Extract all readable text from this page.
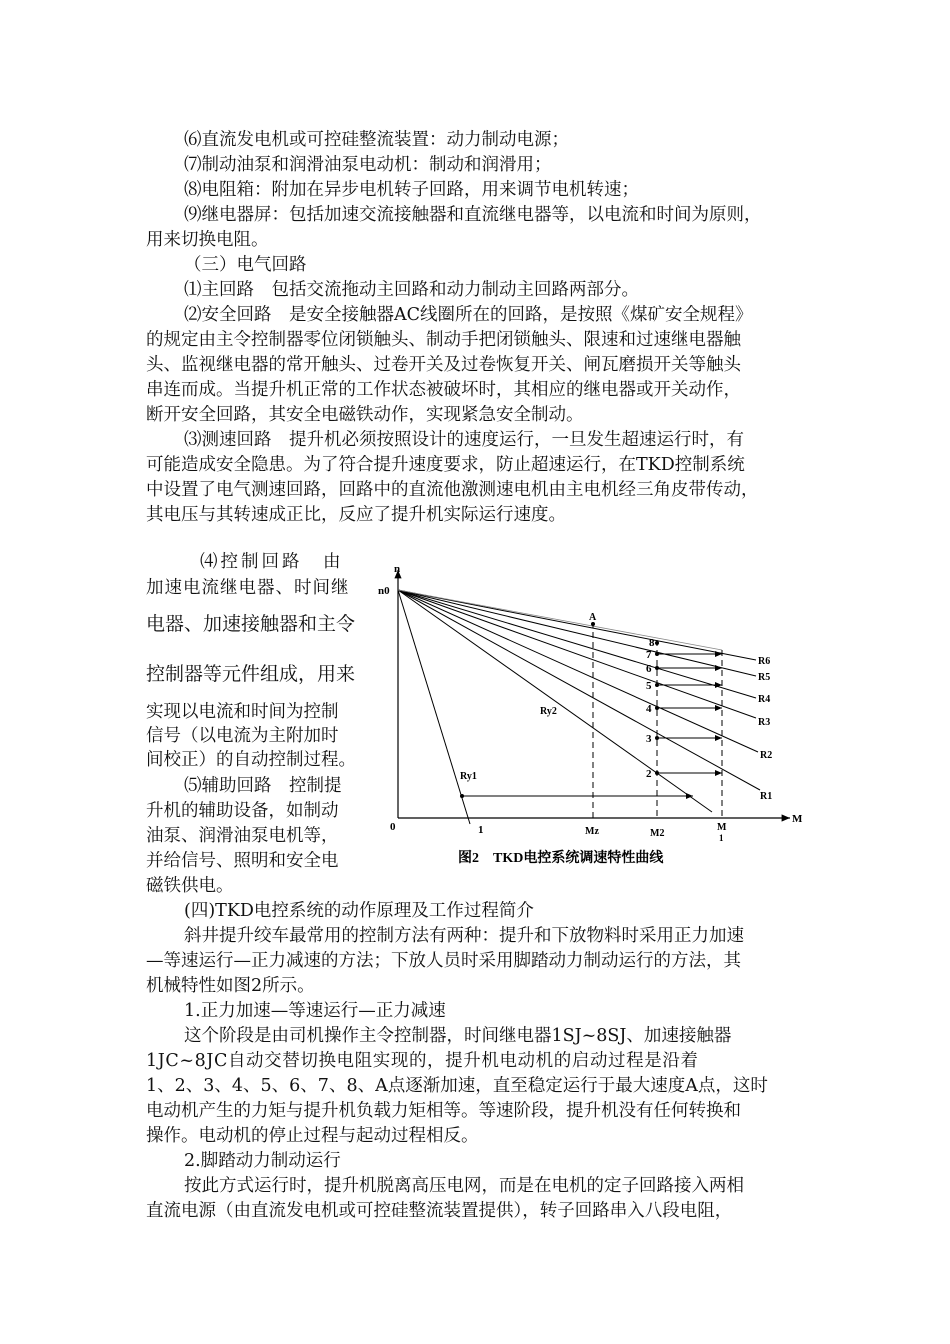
⑹直流发电机或可控硅整流装置：动力制动电源；
⑺制动油泵和润滑油泵电动机：制动和润滑用；
⑻电阻箱：附加在异步电机转子回路，用来调节电机转速；
⑼继电器屏：包括加速交流接触器和直流继电器等，以电流和时间为原则，
用来切换电阻。
（三）电气回路
⑴主回路　包括交流拖动主回路和动力制动主回路两部分。
⑵安全回路　是安全接触器AC线圈所在的回路，是按照《煤矿安全规程》
的规定由主令控制器零位闭锁触头、制动手把闭锁触头、限速和过速继电器触
头、监视继电器的常开触头、过卷开关及过卷恢复开关、闸瓦磨损开关等触头
串连而成。当提升机正常的工作状态被破坏时，其相应的继电器或开关动作，
断开安全回路，其安全电磁铁动作，实现紧急安全制动。
⑶测速回路　提升机必须按照设计的速度运行，一旦发生超速运行时，有
可能造成安全隐患。为了符合提升速度要求，防止超速运行，在TKD控制系统
中设置了电气测速回路，回路中的直流他激测速电机由主电机经三角皮带传动，
其电压与其转速成正比，反应了提升机实际运行速度。
⑷控制回路　由
加速电流继电器、时间继
电器、加速接触器和主令
控制器等元件组成，用来
实现以电流和时间为控制
信号（以电流为主附加时
间校正）的自动控制过程。
⑸辅助回路　控制提
升机的辅助设备，如制动
油泵、润滑油泵电机等，
并给信号、照明和安全电
磁铁供电。
n
M
0
n0
A
2
3
4
5
6
7
8
Ry1
Ry2
R1
R2
R3
R4
R5
R6
1	Mz	M2
M
1
图2　TKD电控系统调速特性曲线
(四)TKD电控系统的动作原理及工作过程简介
斜井提升绞车最常用的控制方法有两种：提升和下放物料时采用正力加速
—等速运行—正力减速的方法；下放人员时采用脚踏动力制动运行的方法，其
机械特性如图2所示。
1.正力加速—等速运行—正力减速
这个阶段是由司机操作主令控制器，时间继电器1SJ~8SJ、加速接触器
1JC~8JC自动交替切换电阻实现的，提升机电动机的启动过程是沿着
1、2、3、4、5、6、7、8、A点逐渐加速，直至稳定运行于最大速度A点，这时
电动机产生的力矩与提升机负载力矩相等。等速阶段，提升机没有任何转换和
操作。电动机的停止过程与起动过程相反。
2.脚踏动力制动运行
按此方式运行时，提升机脱离高压电网，而是在电机的定子回路接入两相
直流电源（由直流发电机或可控硅整流装置提供），转子回路串入八段电阻，
